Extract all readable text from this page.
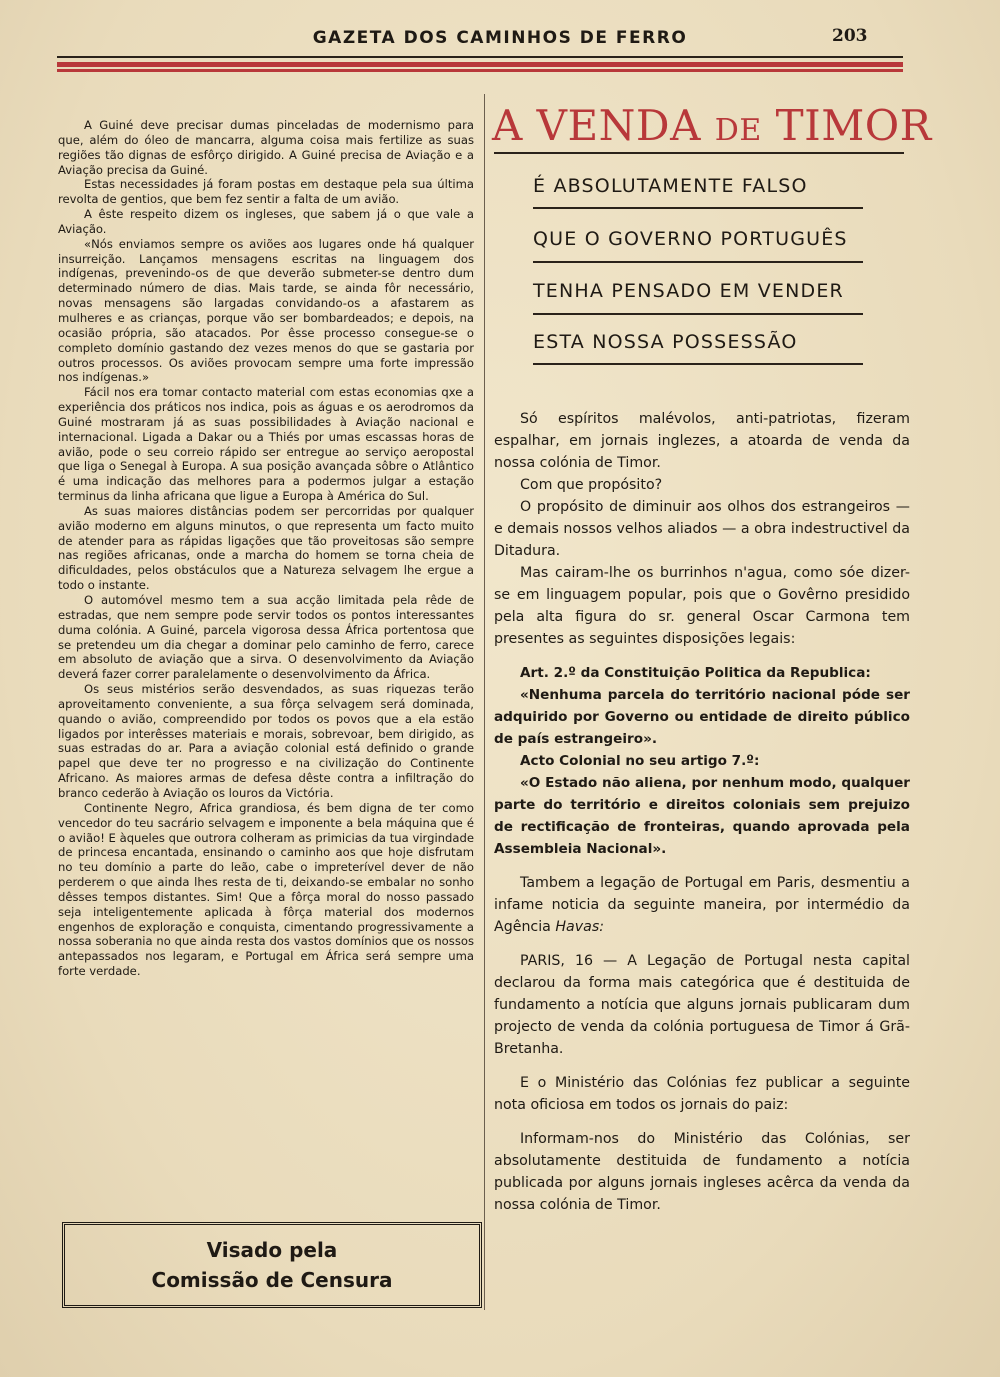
GAZETA DOS CAMINHOS DE FERRO	203

A Guiné deve precisar dumas pinceladas de modernismo para que, além do óleo de mancarra, alguma coisa mais fertilize as suas regiões tão dignas de esfôrço dirigido. A Guiné precisa de Aviação e a Aviação precisa da Guiné.

Estas necessidades já foram postas em destaque pela sua última revolta de gentios, que bem fez sentir a falta de um avião.

A êste respeito dizem os ingleses, que sabem já o que vale a Aviação.

«Nós enviamos sempre os aviões aos lugares onde há qualquer insurreição. Lançamos mensagens escritas na linguagem dos indígenas, prevenindo-os de que deverão submeter-se dentro dum determinado número de dias. Mais tarde, se ainda fôr necessário, novas mensagens são largadas convidando-os a afastarem as mulheres e as crianças, porque vão ser bombardeados; e depois, na ocasião própria, são atacados. Por êsse processo consegue-se o completo domínio gastando dez vezes menos do que se gastaria por outros processos. Os aviões provocam sempre uma forte impressão nos indígenas.»

Fácil nos era tomar contacto material com estas economias qxe a experiência dos práticos nos indica, pois as águas e os aerodromos da Guiné mostraram já as suas possibilidades à Aviação nacional e internacional. Ligada a Dakar ou a Thiés por umas escassas horas de avião, pode o seu correio rápido ser entregue ao serviço aeropostal que liga o Senegal à Europa. A sua posição avançada sôbre o Atlântico é uma indicação das melhores para a podermos julgar a estação terminus da linha africana que ligue a Europa à América do Sul.

As suas maiores distâncias podem ser percorridas por qualquer avião moderno em alguns minutos, o que representa um facto muito de atender para as rápidas ligações que tão proveitosas são sempre nas regiões africanas, onde a marcha do homem se torna cheia de dificuldades, pelos obstáculos que a Natureza selvagem lhe ergue a todo o instante.

O automóvel mesmo tem a sua acção limitada pela rêde de estradas, que nem sempre pode servir todos os pontos interessantes duma colónia. A Guiné, parcela vigorosa dessa África portentosa que se pretendeu um dia chegar a dominar pelo caminho de ferro, carece em absoluto de aviação que a sirva. O desenvolvimento da Aviação deverá fazer correr paralelamente o desenvolvimento da África.

Os seus mistérios serão desvendados, as suas riquezas terão aproveitamento conveniente, a sua fôrça selvagem será dominada, quando o avião, compreendido por todos os povos que a ela estão ligados por interêsses materiais e morais, sobrevoar, bem dirigido, as suas estradas do ar. Para a aviação colonial está definido o grande papel que deve ter no progresso e na civilização do Continente Africano. As maiores armas de defesa dêste contra a infiltração do branco cederão à Aviação os louros da Victória.

Continente Negro, Africa grandiosa, és bem digna de ter como vencedor do teu sacrário selvagem e imponente a bela máquina que é o avião! E àqueles que outrora colheram as primicias da tua virgindade de princesa encantada, ensinando o caminho aos que hoje disfrutam no teu domínio a parte do leão, cabe o impreterível dever de não perderem o que ainda lhes resta de ti, deixando-se embalar no sonho dêsses tempos distantes. Sim! Que a fôrça moral do nosso passado seja inteligentemente aplicada à fôrça material dos modernos engenhos de exploração e conquista, cimentando progressivamente a nossa soberania no que ainda resta dos vastos domínios que os nossos antepassados nos legaram, e Portugal em África será sempre uma forte verdade.

Visado pela
Comissão de Censura
A VENDA DE TIMOR
É ABSOLUTAMENTE FALSO
QUE O GOVERNO PORTUGUÊS
TENHA PENSADO EM VENDER
ESTA NOSSA POSSESSÃO

Só espíritos malévolos, anti-patriotas, fizeram espalhar, em jornais inglezes, a atoarda de venda da nossa colónia de Timor.

Com que propósito?

O propósito de diminuir aos olhos dos estrangeiros — e demais nossos velhos aliados — a obra indestructivel da Ditadura.

Mas cairam-lhe os burrinhos n'agua, como sóe dizer-se em linguagem popular, pois que o Govêrno presidido pela alta figura do sr. general Oscar Carmona tem presentes as seguintes disposições legais:

Art. 2.º da Constituição Politica da Republica:

«Nenhuma parcela do território nacional póde ser adquirido por Governo ou entidade de direito público de país estrangeiro».

Acto Colonial no seu artigo 7.º:

«O Estado não aliena, por nenhum modo, qualquer parte do território e direitos coloniais sem prejuizo de rectificação de fronteiras, quando aprovada pela Assembleia Nacional».

Tambem a legação de Portugal em Paris, desmentiu a infame noticia da seguinte maneira, por intermédio da Agência Havas:

PARIS, 16 — A Legação de Portugal nesta capital declarou da forma mais categórica que é destituida de fundamento a notícia que alguns jornais publicaram dum projecto de venda da colónia portuguesa de Timor á Grã-Bretanha.

E o Ministério das Colónias fez publicar a seguinte nota oficiosa em todos os jornais do paiz:

Informam-nos do Ministério das Colónias, ser absolutamente destituida de fundamento a notícia publicada por alguns jornais ingleses acêrca da venda da nossa colónia de Timor.
